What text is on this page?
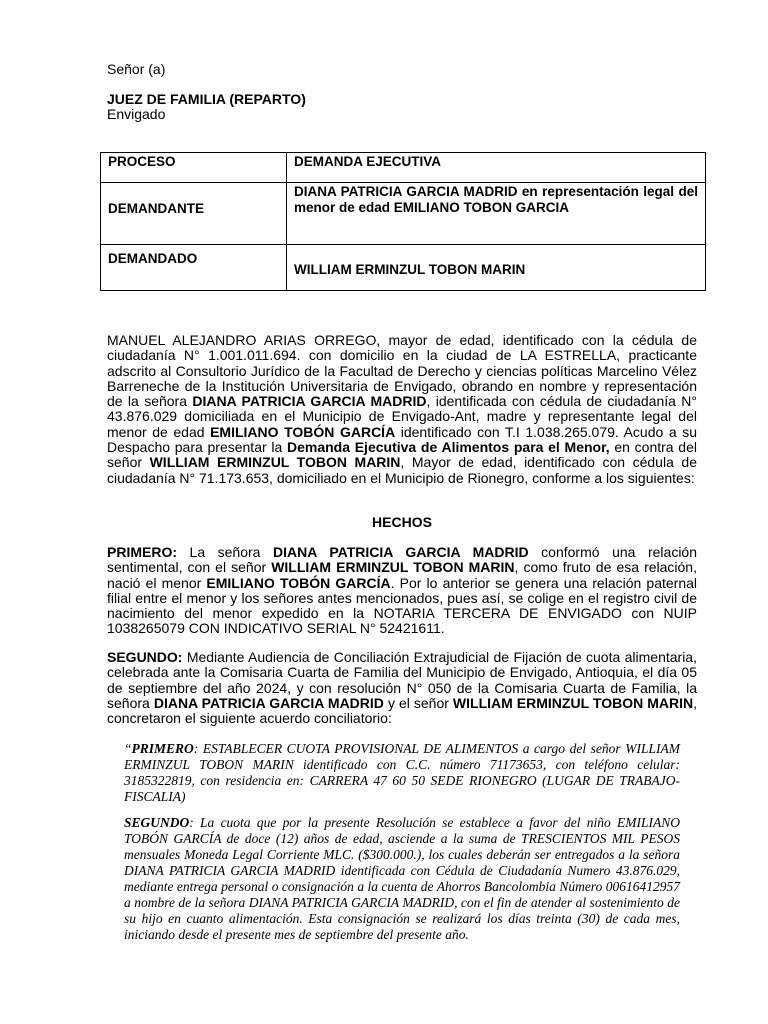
Señor (a)
JUEZ DE FAMILIA (REPARTO)
Envigado
PROCESO	DEMANDA EJECUTIVA

DEMANDANTE	DIANA PATRICIA GARCIA MADRID en representación legal del menor de edad EMILIANO TOBON GARCIA

DEMANDADO	WILLIAM ERMINZUL TOBON MARIN
MANUEL ALEJANDRO ARIAS ORREGO, mayor de edad, identificado con la cédula de ciudadanía N° 1.001.011.694. con domicilio en la ciudad de LA ESTRELLA, practicante adscrito al Consultorio Jurídico de la Facultad de Derecho y ciencias políticas Marcelino Vélez Barreneche de la Institución Universitaria de Envigado, obrando en nombre y representación de la señora DIANA PATRICIA GARCIA MADRID, identificada con cédula de ciudadanía N° 43.876.029 domiciliada en el Municipio de Envigado-Ant, madre y representante legal del menor de edad EMILIANO TOBÓN GARCÍA identificado con T.I 1.038.265.079. Acudo a su Despacho para presentar la Demanda Ejecutiva de Alimentos para el Menor, en contra del señor WILLIAM ERMINZUL TOBON MARIN, Mayor de edad, identificado con cédula de ciudadanía N° 71.173.653, domiciliado en el Municipio de Rionegro, conforme a los siguientes:
HECHOS
PRIMERO: La señora DIANA PATRICIA GARCIA MADRID conformó una relación sentimental, con el señor WILLIAM ERMINZUL TOBON MARIN, como fruto de esa relación, nació el menor EMILIANO TOBÓN GARCÍA. Por lo anterior se genera una relación paternal filial entre el menor y los señores antes mencionados, pues así, se colige en el registro civil de nacimiento del menor expedido en la NOTARIA TERCERA DE ENVIGADO con NUIP 1038265079 CON INDICATIVO SERIAL N° 52421611.
SEGUNDO: Mediante Audiencia de Conciliación Extrajudicial de Fijación de cuota alimentaria, celebrada ante la Comisaria Cuarta de Familia del Municipio de Envigado, Antioquia, el día 05 de septiembre del año 2024, y con resolución N° 050 de la Comisaria Cuarta de Familia, la señora DIANA PATRICIA GARCIA MADRID y el señor WILLIAM ERMINZUL TOBON MARIN, concretaron el siguiente acuerdo conciliatorio:
“PRIMERO: ESTABLECER CUOTA PROVISIONAL DE ALIMENTOS a cargo del señor WILLIAM ERMINZUL TOBON MARIN identificado con C.C. número 71173653, con teléfono celular: 3185322819, con residencia en: CARRERA 47 60 50 SEDE RIONEGRO (LUGAR DE TRABAJO-FISCALIA)
SEGUNDO: La cuota que por la presente Resolución se establece a favor del niño EMILIANO TOBÓN GARCÍA de doce (12) años de edad, asciende a la suma de TRESCIENTOS MIL PESOS mensuales Moneda Legal Corriente MLC. ($300.000.), los cuales deberán ser entregados a la señora DIANA PATRICIA GARCIA MADRID identificada con Cédula de Ciudadanía Numero 43.876.029, mediante entrega personal o consignación a la cuenta de Ahorros Bancolombia Número 00616412957 a nombre de la señora DIANA PATRICIA GARCIA MADRID, con el fin de atender al sostenimiento de su hijo en cuanto alimentación. Esta consignación se realizará los días treinta (30) de cada mes, iniciando desde el presente mes de septiembre del presente año.
